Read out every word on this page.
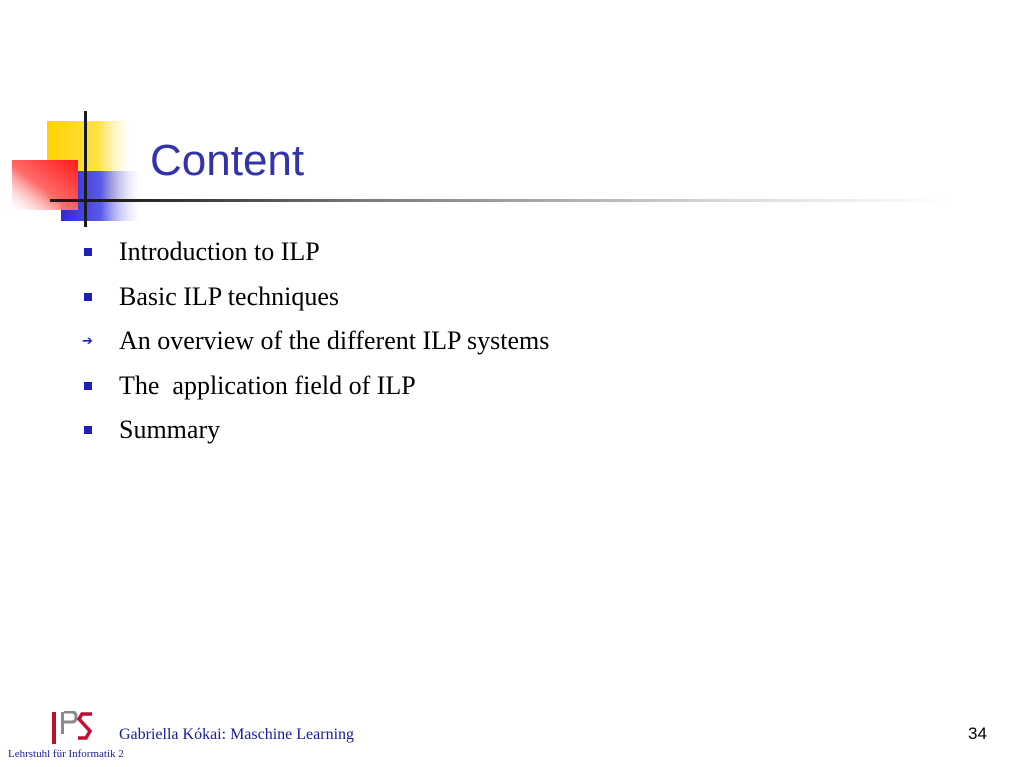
Content
Introduction to ILP
Basic ILP techniques
➔ An overview of the different ILP systems
The  application field of ILP
Summary
Gabriella Kókai: Maschine Learning
Lehrstuhl für Informatik 2
34
